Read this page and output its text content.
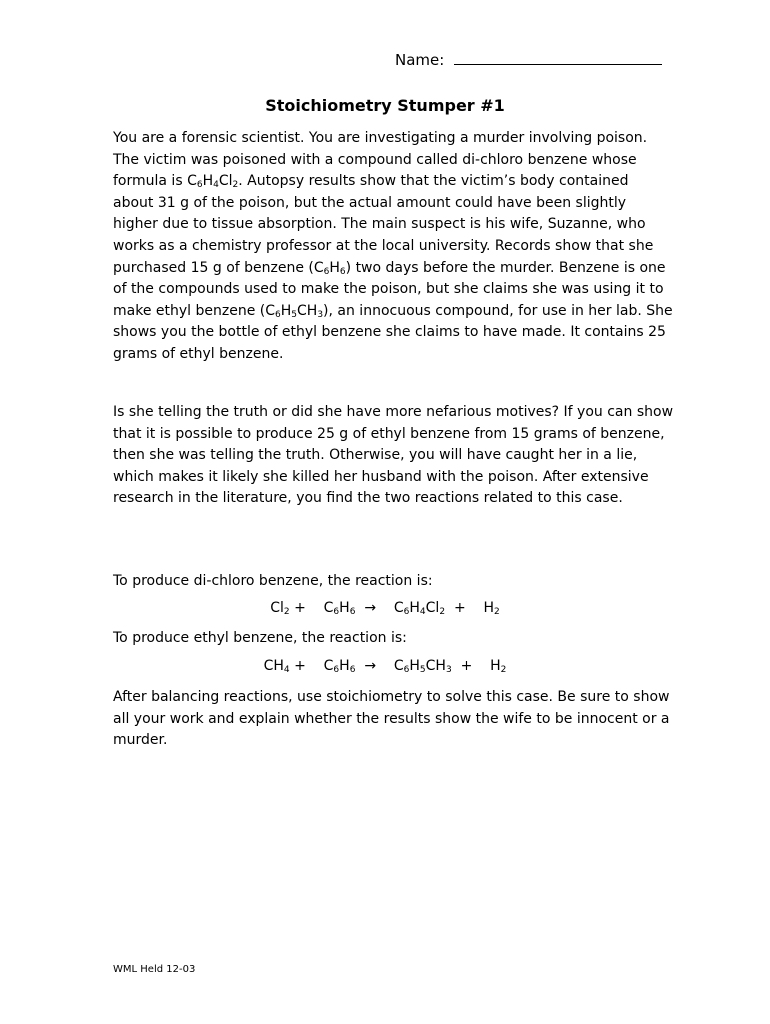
Name:
Stoichiometry Stumper #1

You are a forensic scientist. You are investigating a murder involving poison. The victim was poisoned with a compound called di-chloro benzene whose formula is $C_6H_4Cl_2$. Autopsy results show that the victim’s body contained about 31 g of the poison, but the actual amount could have been slightly higher due to tissue absorption. The main suspect is his wife, Suzanne, who works as a chemistry professor at the local university. Records show that she purchased 15 g of benzene $(C_6H_6)$ two days before the murder. Benzene is one of the compounds used to make the poison, but she claims she was using it to make ethyl benzene $(C_6H_5CH_3)$, an innocuous compound, for use in her lab. She shows you the bottle of ethyl benzene she claims to have made. It contains 25 grams of ethyl benzene.

Is she telling the truth or did she have more nefarious motives? If you can show that it is possible to produce 25 g of ethyl benzene from 15 grams of benzene, then she was telling the truth. Otherwise, you will have caught her in a lie, which makes it likely she killed her husband with the poison. After extensive research in the literature, you find the two reactions related to this case.

To produce di-chloro benzene, the reaction is:

$Cl_2$ +    $C_6H_6$  →    $C_6H_4Cl_2$  +    $H_2$

To produce ethyl benzene, the reaction is:

$CH_4$ +    $C_6H_6$  →    $C_6H_5CH_3$  +    $H_2$

After balancing reactions, use stoichiometry to solve this case. Be sure to show all your work and explain whether the results show the wife to be innocent or a murder.

WML Held 12-03
